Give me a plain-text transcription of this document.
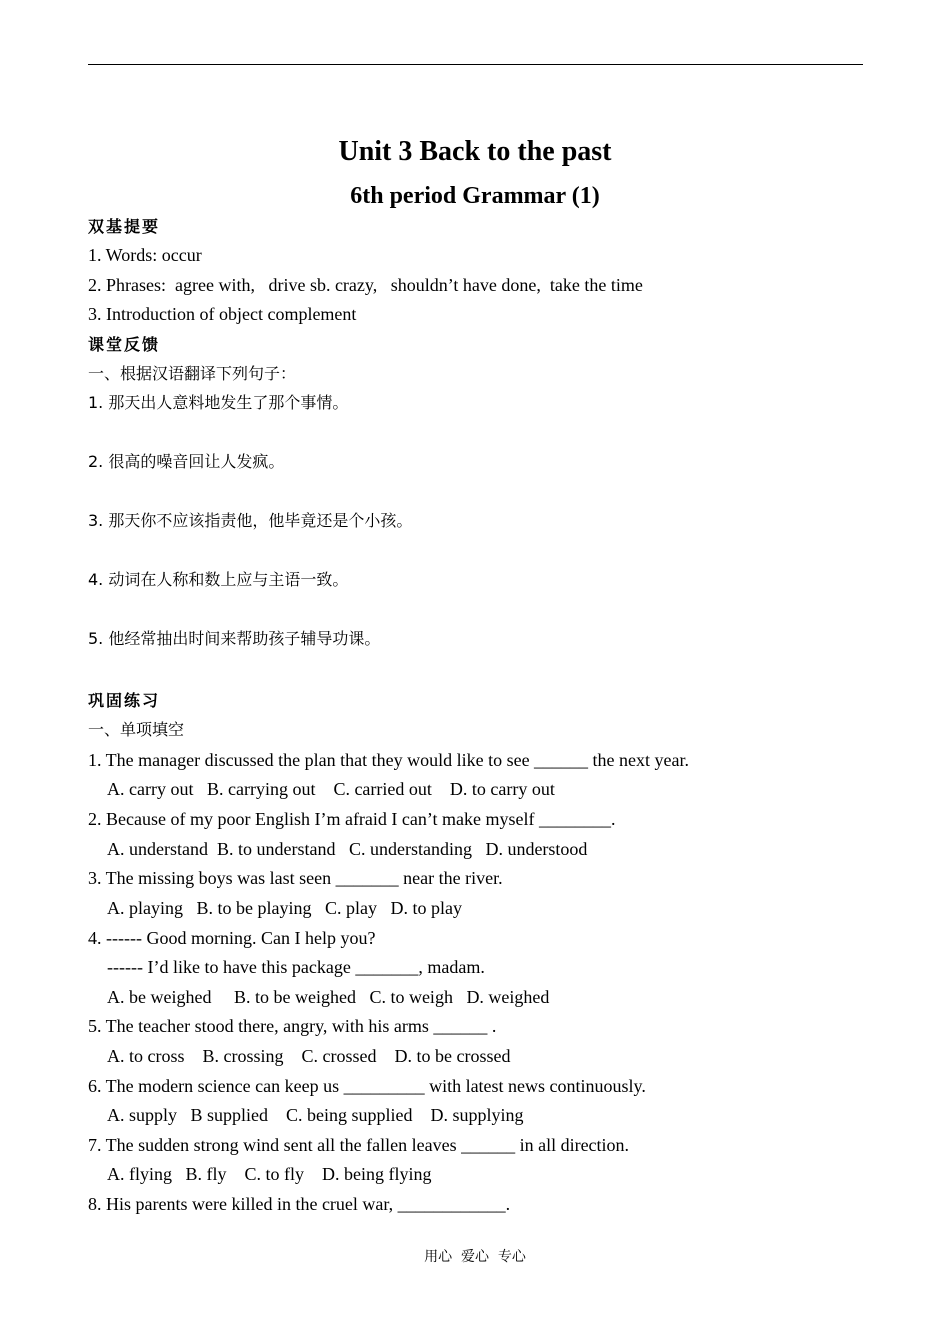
Unit 3 Back to the past
6th period Grammar (1)
双基提要
1. Words: occur
2. Phrases:  agree with,   drive sb. crazy,   shouldn’t have done,  take the time
3. Introduction of object complement
课堂反馈
一、根据汉语翻译下列句子：
1. 那天出人意料地发生了那个事情。
2. 很高的噪音回让人发疯。
3. 那天你不应该指责他，他毕竟还是个小孩。
4. 动词在人称和数上应与主语一致。
5. 他经常抽出时间来帮助孩子辅导功课。
巩固练习
一、单项填空
1. The manager discussed the plan that they would like to see ______ the next year.
A. carry out   B. carrying out    C. carried out    D. to carry out
2. Because of my poor English I’m afraid I can’t make myself ________.
A. understand  B. to understand   C. understanding   D. understood
3. The missing boys was last seen _______ near the river.
A. playing   B. to be playing   C. play   D. to play
4. ------ Good morning. Can I help you?
------ I’d like to have this package _______, madam.
A. be weighed     B. to be weighed   C. to weigh   D. weighed
5. The teacher stood there, angry, with his arms ______ .
A. to cross    B. crossing    C. crossed    D. to be crossed
6. The modern science can keep us _________ with latest news continuously.
A. supply   B supplied    C. being supplied    D. supplying
7. The sudden strong wind sent all the fallen leaves ______ in all direction.
A. flying   B. fly    C. to fly    D. being flying
8. His parents were killed in the cruel war, ____________.
用心  爱心  专心
